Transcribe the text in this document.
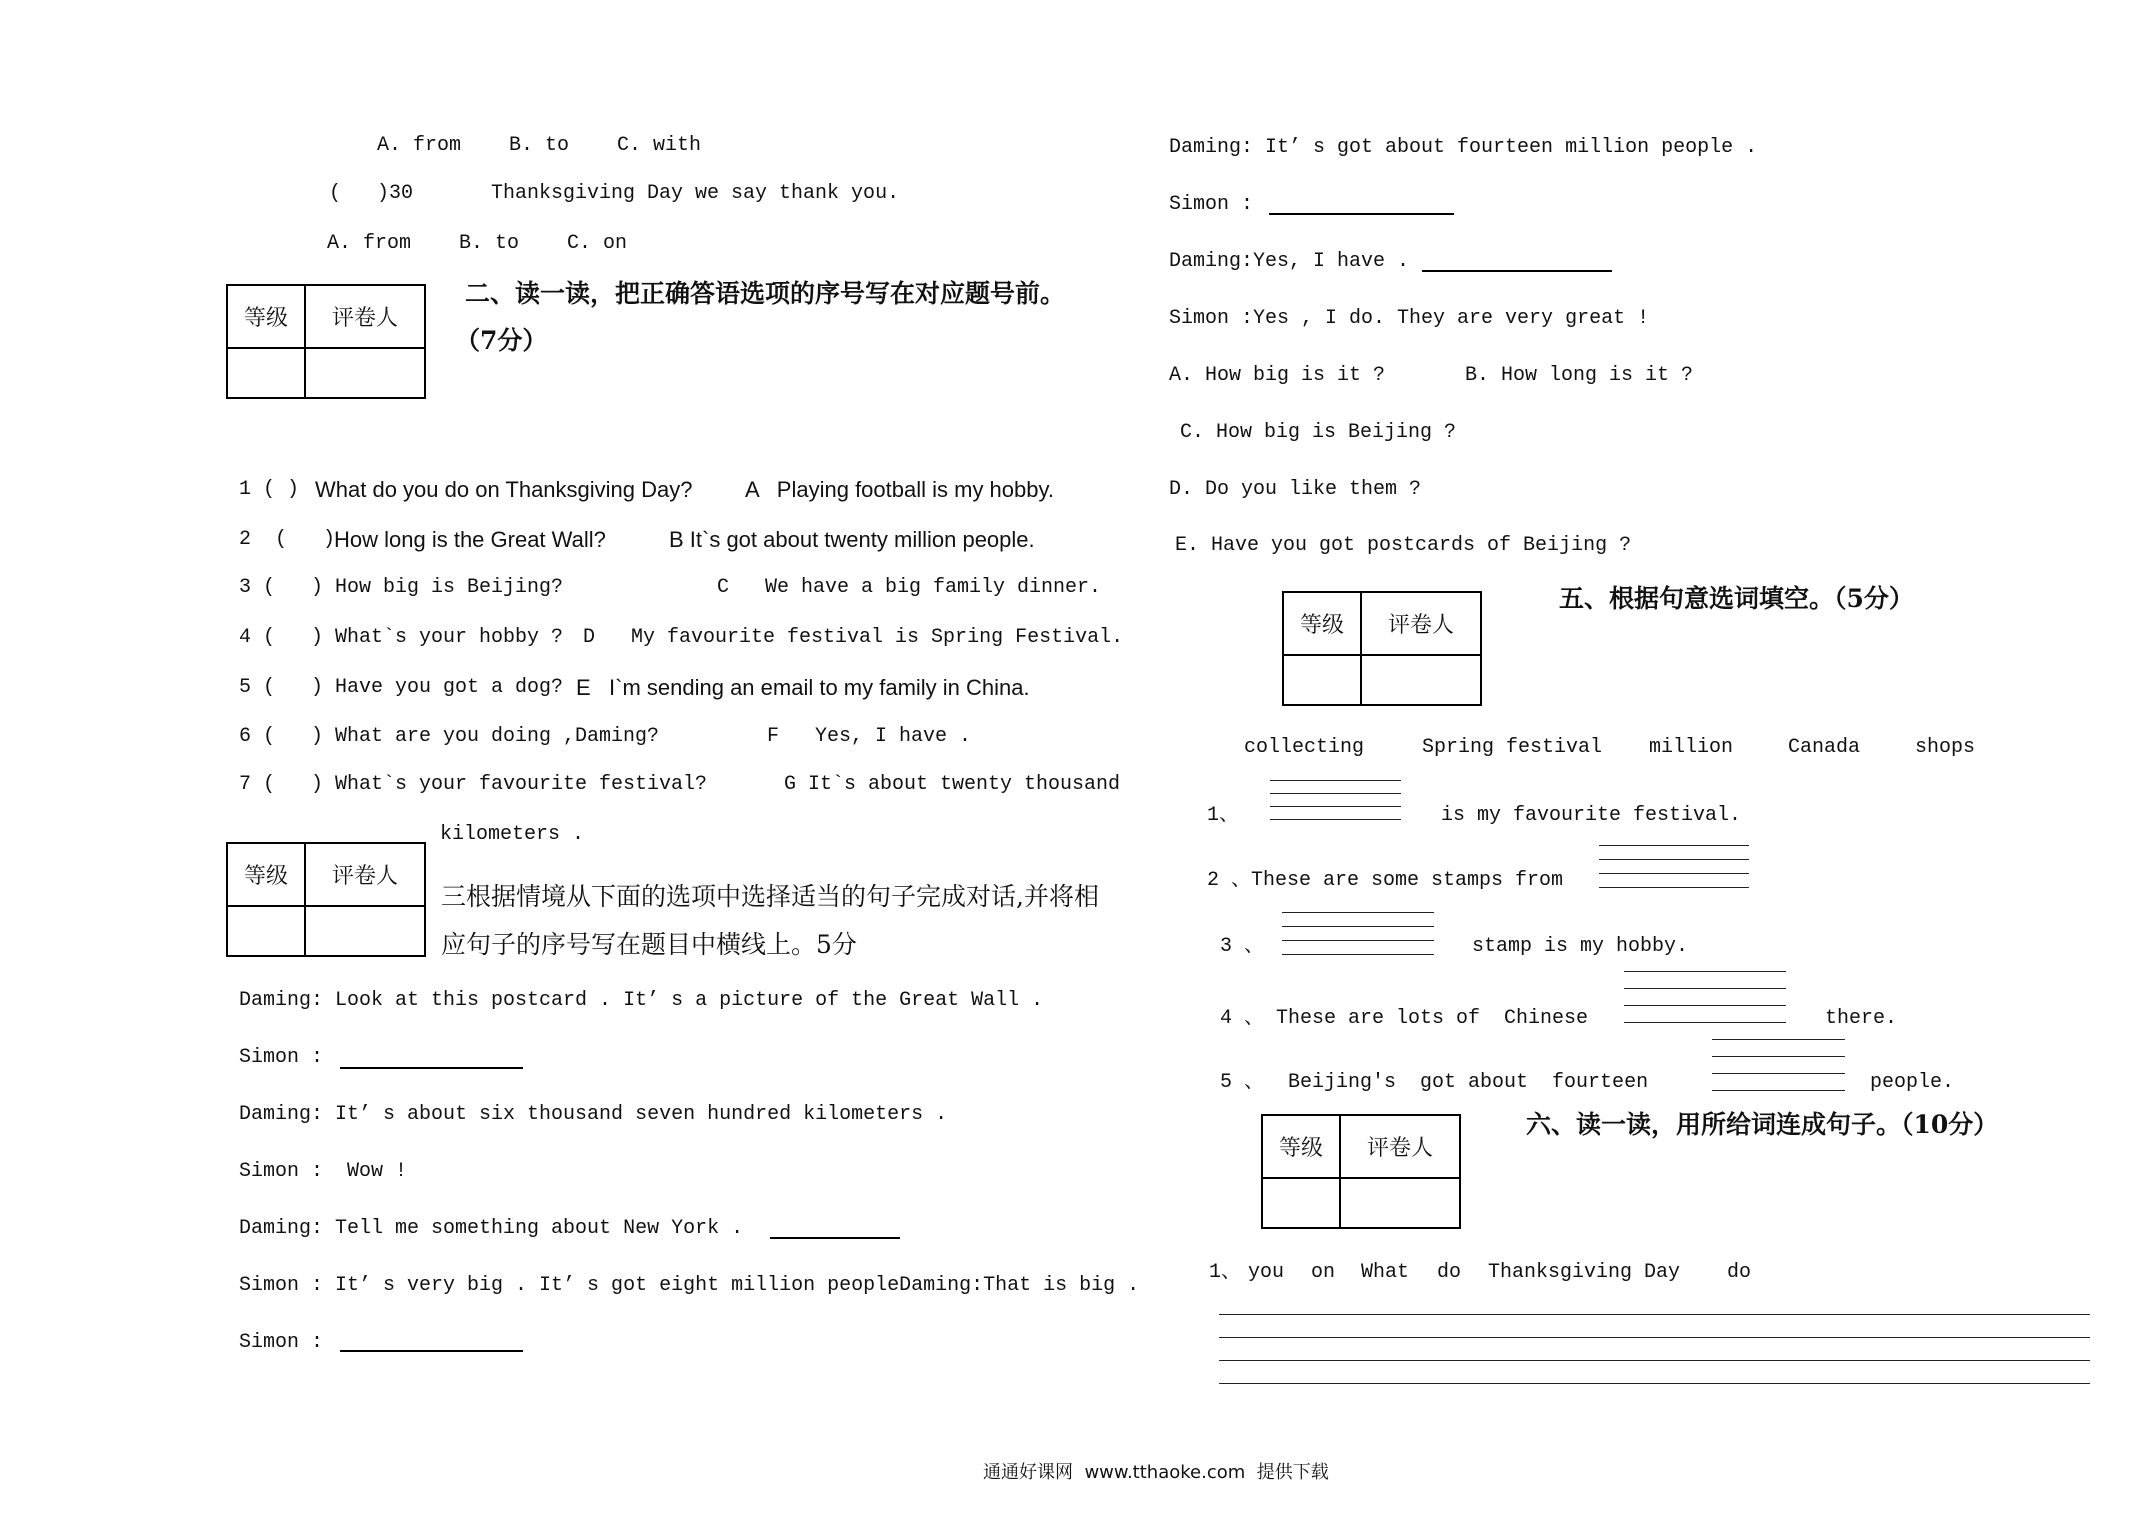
A. from    B. to    C. with
(   )30	Thanksgiving Day we say thank you.
A. from    B. to    C. on
等级	评卷人

二、读一读，把正确答语选项的序号写在对应题号前。
（7分）
1 ( ) What do you do on Thanksgiving Day? A   Playing football is my hobby.
2  (   )
How long is the Great Wall?	B It`s got about twenty million people.
3 (   ) How big is Beijing?	C   We have a big family dinner.
4 (   ) What`s your hobby ? D   My favourite festival is Spring Festival.
5 (   ) Have you got a dog? E   I`m sending an email to my family in China.
6 (   ) What are you doing ,Daming?	F   Yes, I have .
7 (   ) What`s your favourite festival?	G It`s about twenty thousand
kilometers .
等级	评卷人

三根据情境从下面的选项中选择适当的句子完成对话,并将相
应句子的序号写在题目中横线上。5分
Daming: Look at this postcard . It’ s a picture of the Great Wall .
Simon :
Daming: It’ s about six thousand seven hundred kilometers .
Simon :  Wow !
Daming: Tell me something about New York .
Simon : It’ s very big . It’ s got eight million peopleDaming:That is big .
Simon :
Daming: It’ s got about fourteen million people .
Simon :
Daming:Yes, I have .
Simon :Yes , I do. They are very great !
A. How big is it ?	B. How long is it ?
C. How big is Beijing ?
D. Do you like them ?
E. Have you got postcards of Beijing ?
等级	评卷人

五、根据句意选词填空。（5分）
collecting	Spring festival million	Canada	shops
1、	is my favourite festival.
2 、These are some stamps from
3 、	stamp is my hobby.
4 、 These are lots of  Chinese	there.
5 、  Beijing's  got about  fourteen	people.
等级	评卷人

六、读一读，用所给词连成句子。（10分）
1、 you on What do Thanksgiving Day do
通通好课网  www.tthaoke.com  提供下载
